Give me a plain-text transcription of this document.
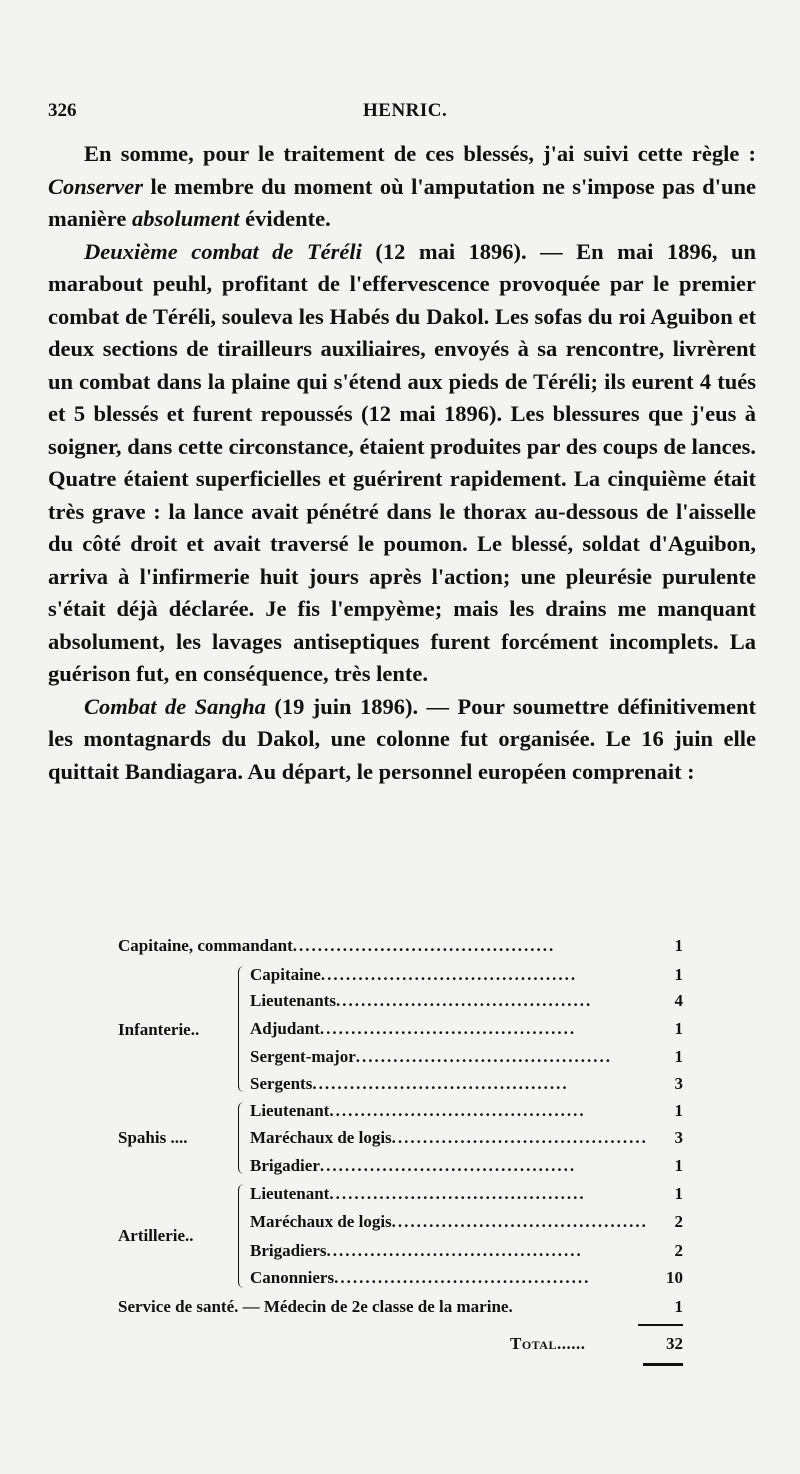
326	HENRIC.

En somme, pour le traitement de ces blessés, j'ai suivi cette règle : Conserver le membre du moment où l'amputation ne s'impose pas d'une manière absolument évidente.

Deuxième combat de Téréli (12 mai 1896). — En mai 1896, un marabout peuhl, profitant de l'effervescence provoquée par le premier combat de Téréli, souleva les Habés du Dakol. Les sofas du roi Aguibon et deux sections de tirailleurs auxiliaires, envoyés à sa rencontre, livrèrent un combat dans la plaine qui s'étend aux pieds de Téréli; ils eurent 4 tués et 5 blessés et furent repoussés (12 mai 1896). Les blessures que j'eus à soigner, dans cette circonstance, étaient produites par des coups de lances. Quatre étaient superficielles et guérirent rapidement. La cinquième était très grave : la lance avait pénétré dans le thorax au-dessous de l'aisselle du côté droit et avait traversé le poumon. Le blessé, soldat d'Aguibon, arriva à l'infirmerie huit jours après l'action; une pleurésie purulente s'était déjà déclarée. Je fis l'empyème; mais les drains me manquant absolument, les lavages antiseptiques furent forcément incomplets. La guérison fut, en conséquence, très lente.

Combat de Sangha (19 juin 1896). — Pour soumettre définitivement les montagnards du Dakol, une colonne fut organisée. Le 16 juin elle quittait Bandiagara. Au départ, le personnel européen comprenait :

Capitaine, commandant..........................................	1
Infanterie..
Capitaine.........................................	1
Lieutenants.........................................	4
Adjudant.........................................	1
Sergent-major.........................................	1
Sergents.........................................	3
Spahis ....
Lieutenant.........................................	1
Maréchaux de logis.........................................	3
Brigadier.........................................	1
Artillerie..
Lieutenant.........................................	1
Maréchaux de logis.........................................	2
Brigadiers.........................................	2
Canonniers.........................................	10
Service de santé. — Médecin de 2e classe de la marine.	1
Total......	32
